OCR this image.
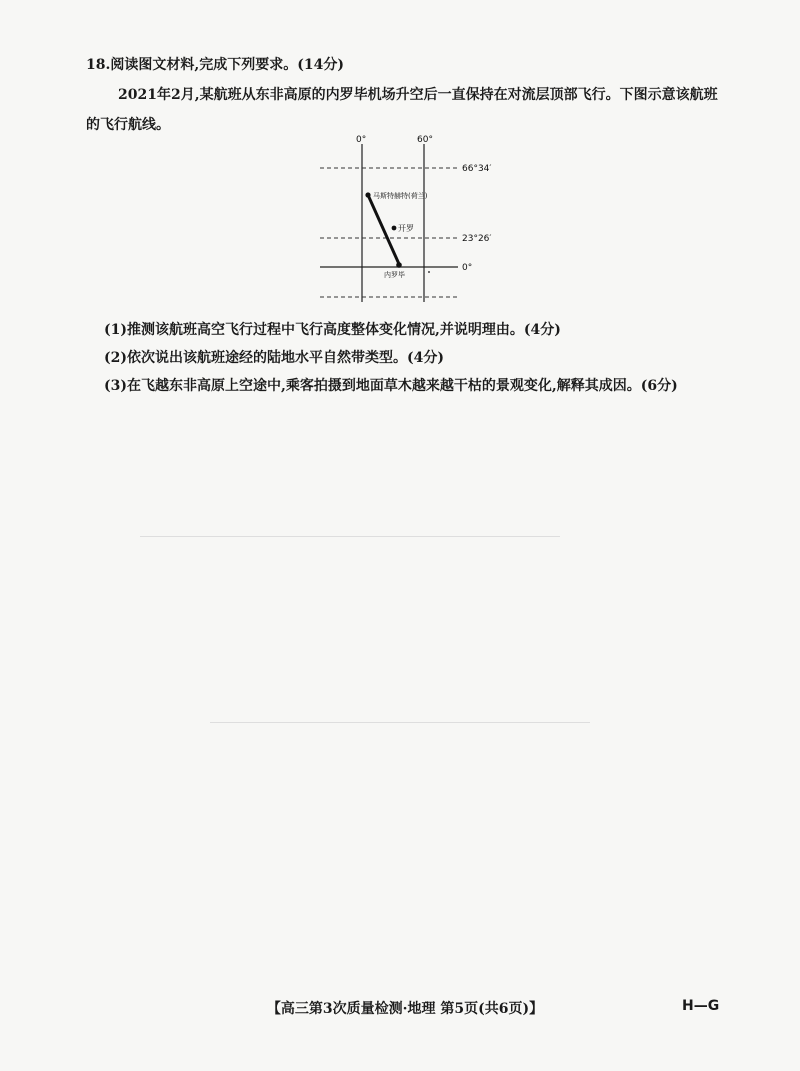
18.阅读图文材料,完成下列要求。(14分)
2021年2月,某航班从东非高原的内罗毕机场升空后一直保持在对流层顶部飞行。下图示意该航班的飞行航线。
0°	60°
66°34′
23°26′
0°
马斯特赫特(荷兰)
开罗
内罗毕
(1)推测该航班高空飞行过程中飞行高度整体变化情况,并说明理由。(4分)
(2)依次说出该航班途经的陆地水平自然带类型。(4分)
(3)在飞越东非高原上空途中,乘客拍摄到地面草木越来越干枯的景观变化,解释其成因。(6分)
【高三第3次质量检测·地理 第5页(共6页)】	H—G
